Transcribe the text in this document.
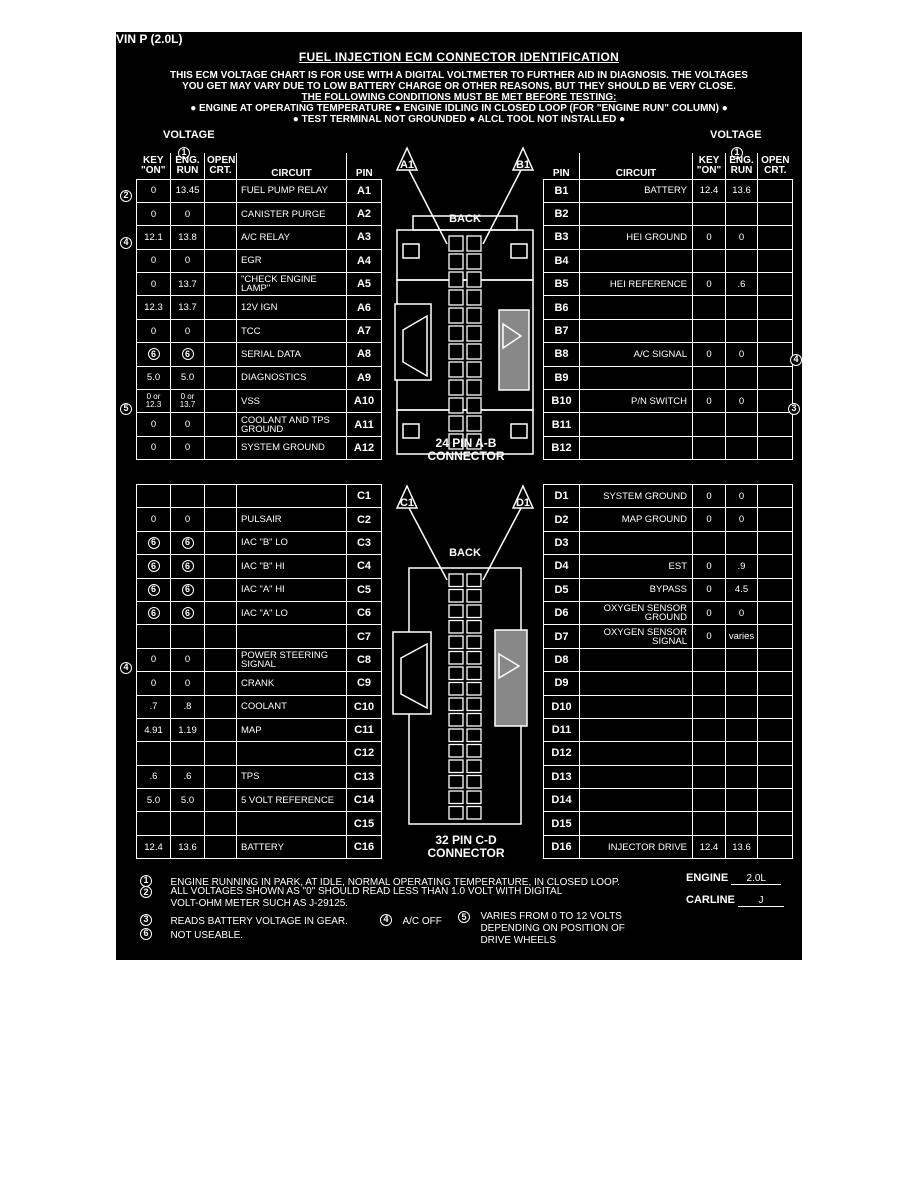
VIN P (2.0L)
FUEL INJECTION ECM CONNECTOR IDENTIFICATION
THIS ECM VOLTAGE CHART IS FOR USE WITH A DIGITAL VOLTMETER TO FURTHER AID IN DIAGNOSIS. THE VOLTAGES
YOU GET MAY VARY DUE TO LOW BATTERY CHARGE OR OTHER REASONS, BUT THEY SHOULD BE VERY CLOSE.
THE FOLLOWING CONDITIONS MUST BE MET BEFORE TESTING:
● ENGINE AT OPERATING TEMPERATURE ● ENGINE IDLING IN CLOSED LOOP (FOR "ENGINE RUN" COLUMN) ●
● TEST TERMINAL NOT GROUNDED ● ALCL TOOL NOT INSTALLED ●
VOLTAGE
1
VOLTAGE
1
KEY
"ON"	ENG.
RUN	OPEN
CRT.	CIRCUIT	PIN
0	13.45		FUEL PUMP RELAY	A1
0	0		CANISTER PURGE	A2
12.1	13.8		A/C RELAY	A3
0	0		EGR	A4
0	13.7		"CHECK ENGINE LAMP"	A5
12.3	13.7		12V IGN	A6
0	0		TCC	A7
6	6		SERIAL DATA	A8
5.0	5.0		DIAGNOSTICS	A9
0 or
12.3	0 or
13.7		VSS	A10
0	0		COOLANT AND TPS GROUND	A11
0	0		SYSTEM GROUND	A12
PIN	CIRCUIT	KEY
"ON"	ENG.
RUN	OPEN
CRT.
B1	BATTERY	12.4	13.6	
B2				
B3	HEI GROUND	0	0	
B4				
B5	HEI REFERENCE	0	.6	
B6				
B7				
B8	A/C SIGNAL	0	0	
B9				
B10	P/N SWITCH	0	0	
B11				
B12				
				C1
0	0		PULSAIR	C2
6	6		IAC "B" LO	C3
6	6		IAC "B" HI	C4
6	6		IAC "A" HI	C5
6	6		IAC "A" LO	C6
				C7
0	0		POWER STEERING SIGNAL	C8
0	0		CRANK	C9
.7	.8		COOLANT	C10
4.91	1.19		MAP	C11
				C12
.6	.6		TPS	C13
5.0	5.0		5 VOLT REFERENCE	C14
				C15
12.4	13.6		BATTERY	C16
D1	SYSTEM GROUND	0	0	
D2	MAP GROUND	0	0	
D3				
D4	EST	0	.9	
D5	BYPASS	0	4.5	
D6	OXYGEN SENSOR GROUND	0	0	
D7	OXYGEN SENSOR SIGNAL	0	varies	
D8				
D9				
D10				
D11				
D12				
D13				
D14				
D15				
D16	INJECTOR DRIVE	12.4	13.6	
2
4
5
4
4
3
A1	B1
BACK
24 PIN A-B
CONNECTOR
C1	D1
BACK
32 PIN C-D
CONNECTOR
1 ENGINE RUNNING IN PARK, AT IDLE, NORMAL OPERATING TEMPERATURE, IN CLOSED LOOP.
2 ALL VOLTAGES SHOWN AS "0" SHOULD READ LESS THAN 1.0 VOLT WITH DIGITAL
VOLT-OHM METER SUCH AS J-29125.
3 READS BATTERY VOLTAGE IN GEAR.	4 A/C OFF	5 VARIES FROM 0 TO 12 VOLTS
DEPENDING ON POSITION OF
DRIVE WHEELS
6 NOT USEABLE.
ENGINE 2.0L
CARLINE J
